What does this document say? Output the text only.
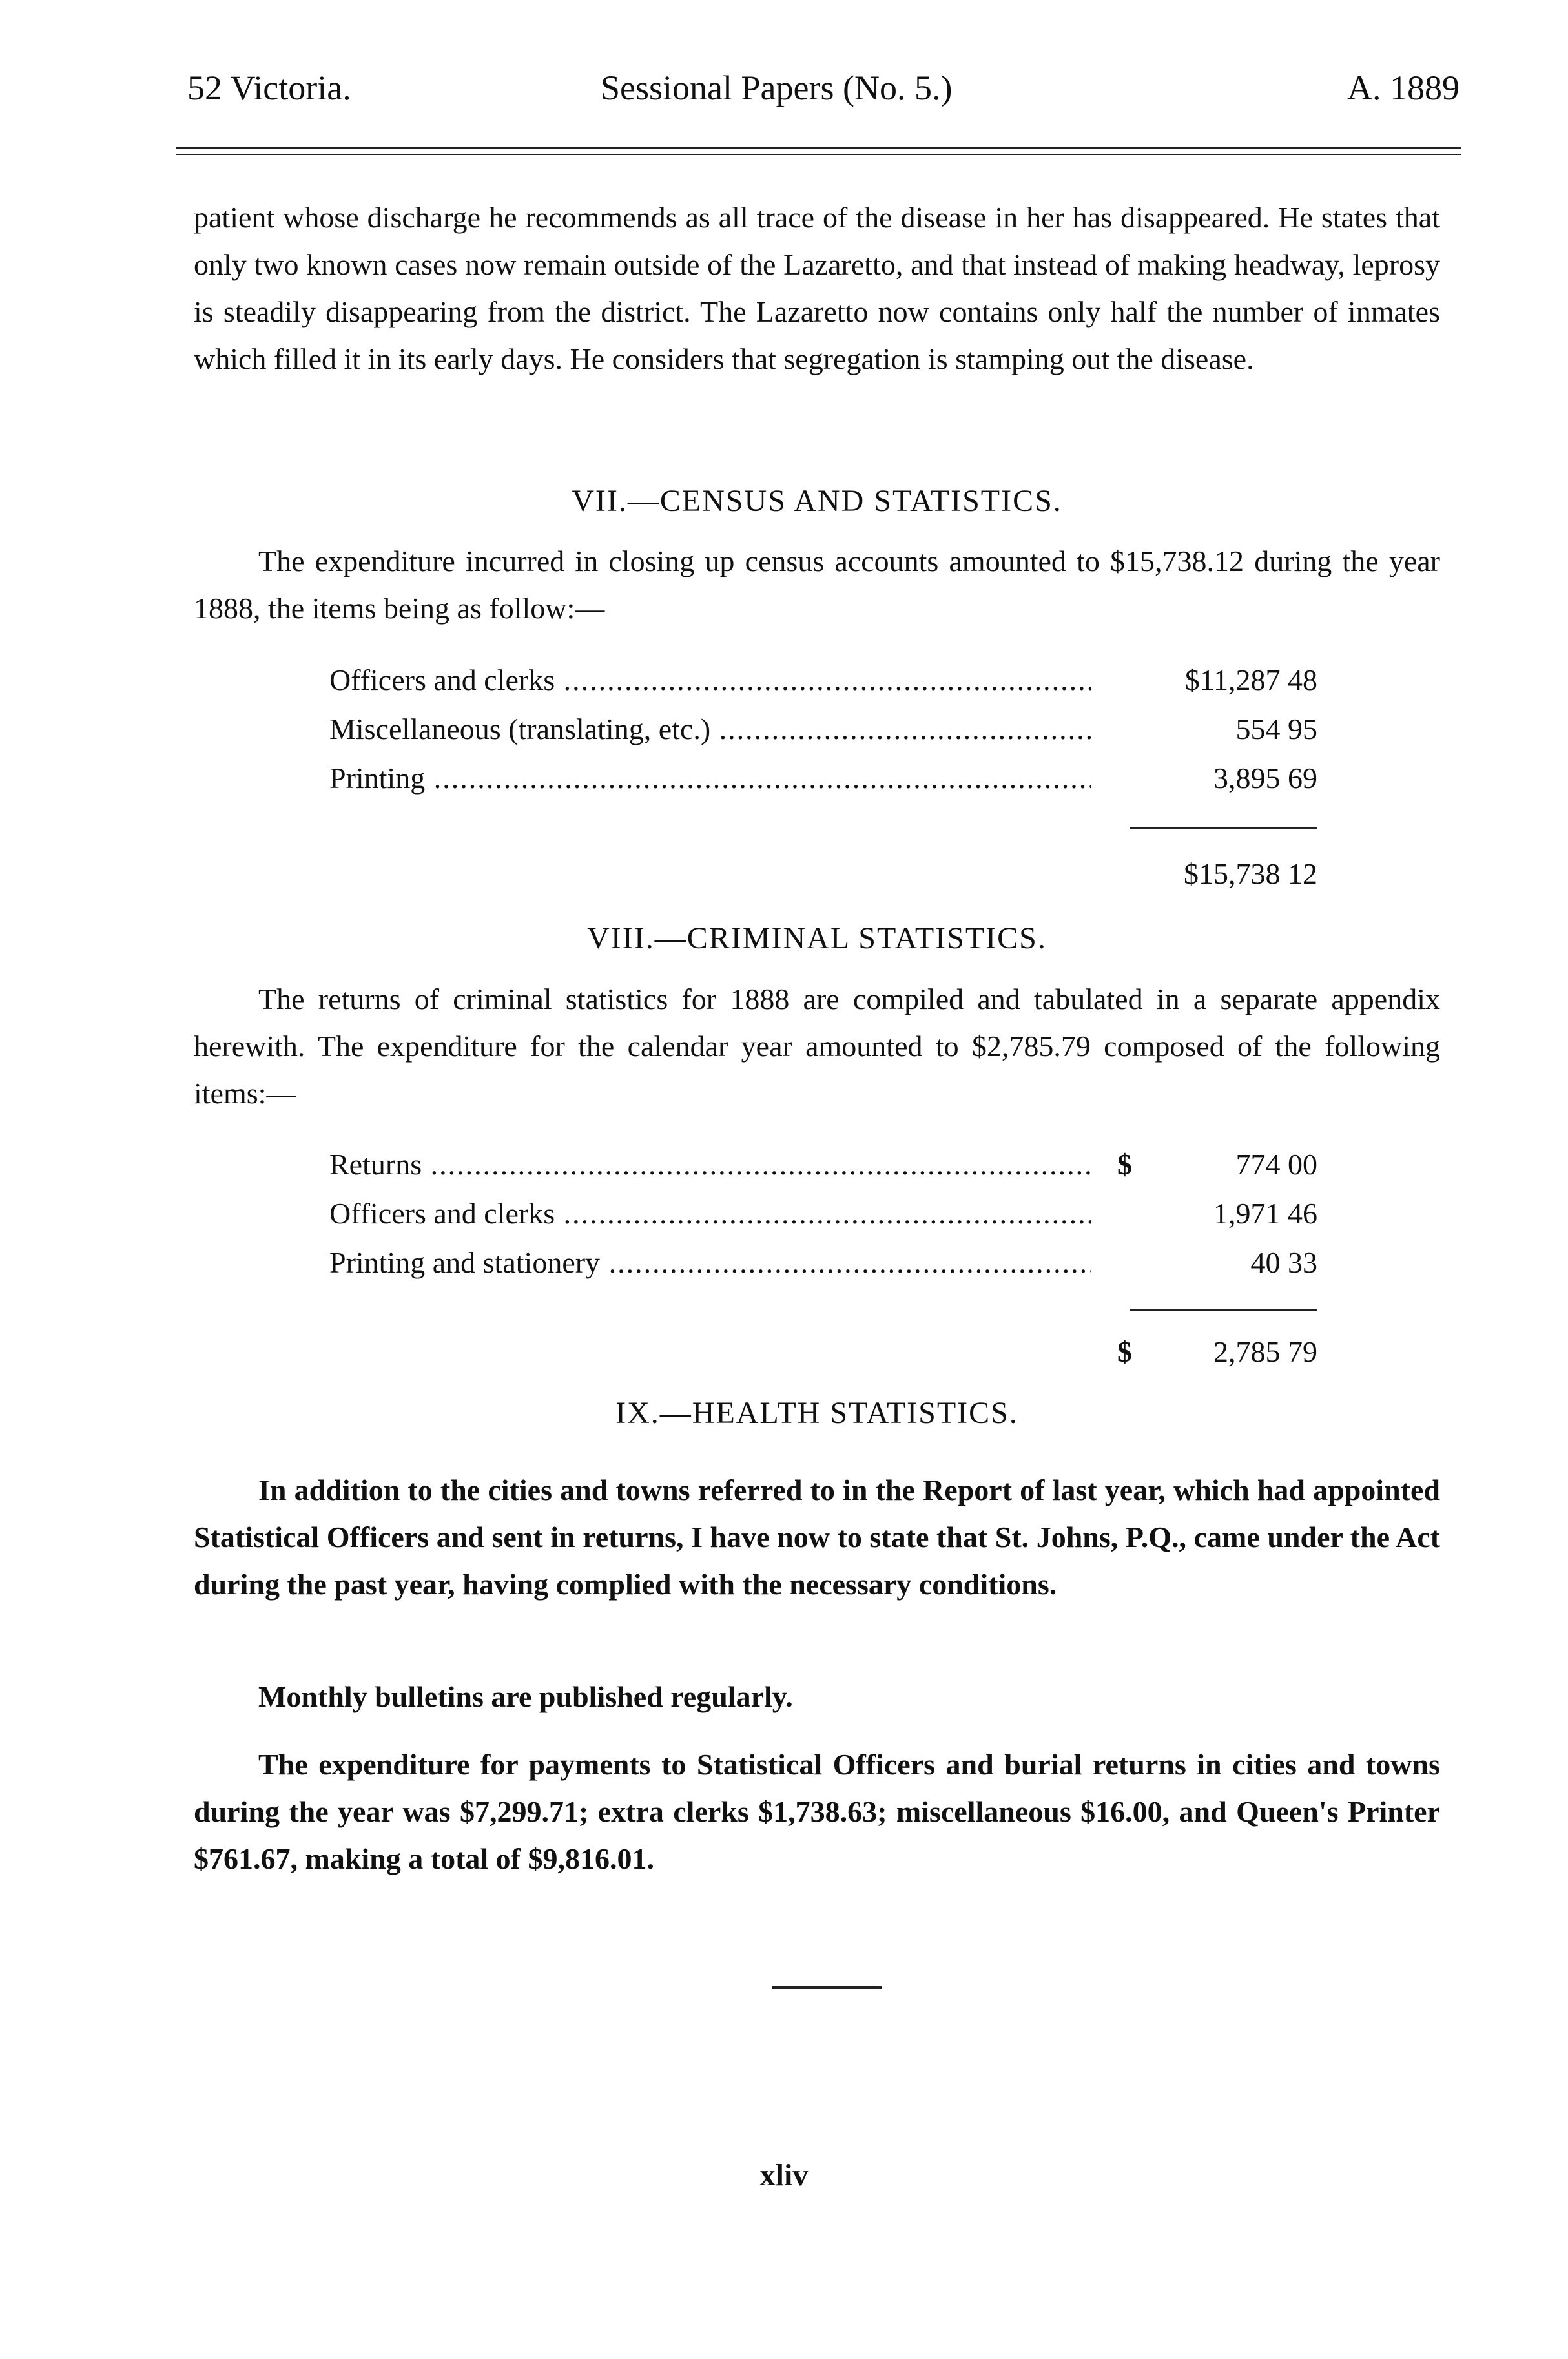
52 Victoria.	Sessional Papers (No. 5.)	A. 1889
patient whose discharge he recommends as all trace of the disease in her has disappeared. He states that only two known cases now remain outside of the Lazaretto, and that instead of making headway, leprosy is steadily disappearing from the district. The Lazaretto now contains only half the number of inmates which filled it in its early days. He considers that segregation is stamping out the disease.
VII.—CENSUS AND STATISTICS.
The expenditure incurred in closing up census accounts amounted to $15,738.12 during the year 1888, the items being as follow:—
Officers and clerks .....	$11,287 48
Miscellaneous (translating, etc.) .....	554 95
Printing .....	3,895 69
$15,738 12
VIII.—CRIMINAL STATISTICS.
The returns of criminal statistics for 1888 are compiled and tabulated in a separate appendix herewith. The expenditure for the calendar year amounted to $2,785.79 composed of the following items:—
Returns .....	$	774 00
Officers and clerks .....	1,971 46
Printing and stationery .....	40 33
$	2,785 79
IX.—HEALTH STATISTICS.
In addition to the cities and towns referred to in the Report of last year, which had appointed Statistical Officers and sent in returns, I have now to state that St. Johns, P.Q., came under the Act during the past year, having complied with the necessary conditions.
Monthly bulletins are published regularly.
The expenditure for payments to Statistical Officers and burial returns in cities and towns during the year was $7,299.71; extra clerks $1,738.63; miscellaneous $16.00, and Queen's Printer $761.67, making a total of $9,816.01.
xliv
